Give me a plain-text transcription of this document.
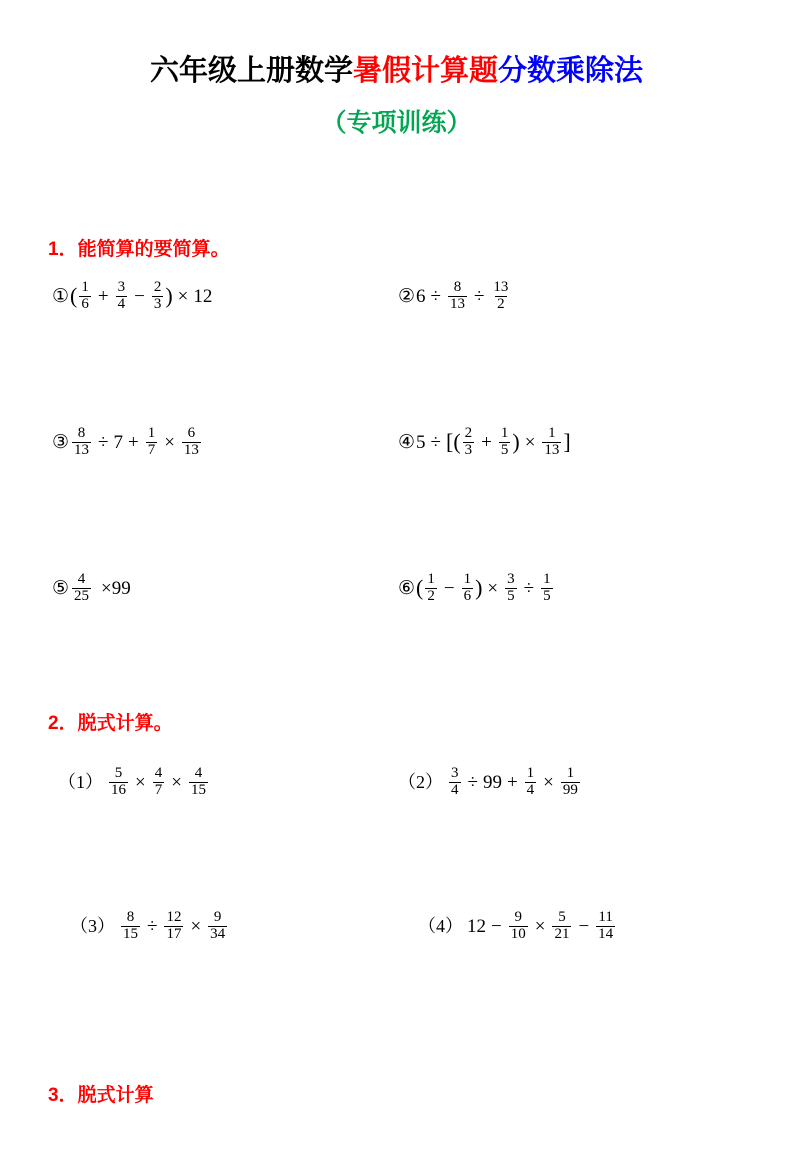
六年级上册数学暑假计算题分数乘除法
（专项训练）
1．能简算的要简算。
① ( $\frac{1}{6} + \frac{3}{4} - \frac{2}{3}$ ) × 12	② $6 \div \frac{8}{13} \div \frac{13}{2}$
③ $\frac{8}{13} \div 7 + \frac{1}{7} \times \frac{6}{13}$	④ 5 ÷ [ ( $\frac{2}{3} + \frac{1}{5}$ ) × $\frac{1}{13}$ ]
⑤ $\frac{4}{25} \times 99$	⑥ ( $\frac{1}{2} - \frac{1}{6}$ ) × $\frac{3}{5} \div \frac{1}{5}$
2．脱式计算。
$(1) \frac{5}{16} \times \frac{4}{7} \times \frac{4}{15}$	$(2) \frac{3}{4} \div 99 + \frac{1}{4} \times \frac{1}{99}$
$(3) \frac{8}{15} \div \frac{12}{17} \times \frac{9}{34}$	（4） $12 - \frac{9}{10} \times \frac{5}{21} - \frac{11}{14}$
3．脱式计算
